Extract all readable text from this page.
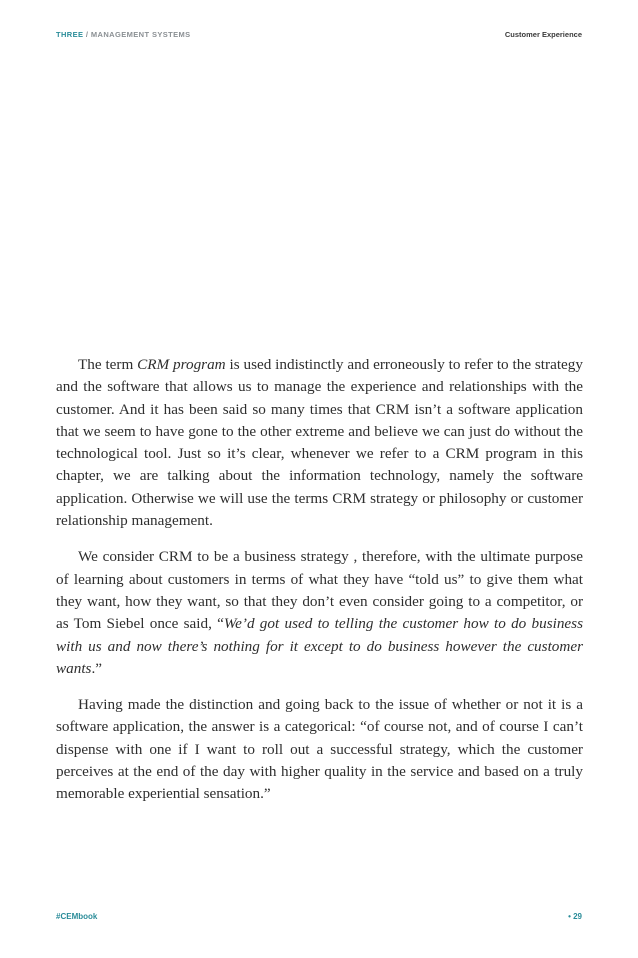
THREE / MANAGEMENT SYSTEMS	Customer Experience

The term CRM program is used indistinctly and erroneously to refer to the strategy and the software that allows us to manage the experience and relationships with the customer. And it has been said so many times that CRM isn’t a software application that we seem to have gone to the other extreme and believe we can just do without the technological tool. Just so it’s clear, whenever we refer to a CRM program in this chapter, we are talking about the information technology, namely the software application. Otherwise we will use the terms CRM strategy or philosophy or customer relationship management.

We consider CRM to be a business strategy , therefore, with the ultimate purpose of learning about customers in terms of what they have “told us” to give them what they want, how they want, so that they don’t even consider going to a competitor, or as Tom Siebel once said, “We’d got used to telling the customer how to do business with us and now there’s nothing for it except to do business however the customer wants.”

Having made the distinction and going back to the issue of whether or not it is a software application, the answer is a categorical: “of course not, and of course I can’t dispense with one if I want to roll out a successful strategy, which the customer perceives at the end of the day with higher quality in the service and based on a truly memorable experiential sensation.”

#CEMbook	• 29
